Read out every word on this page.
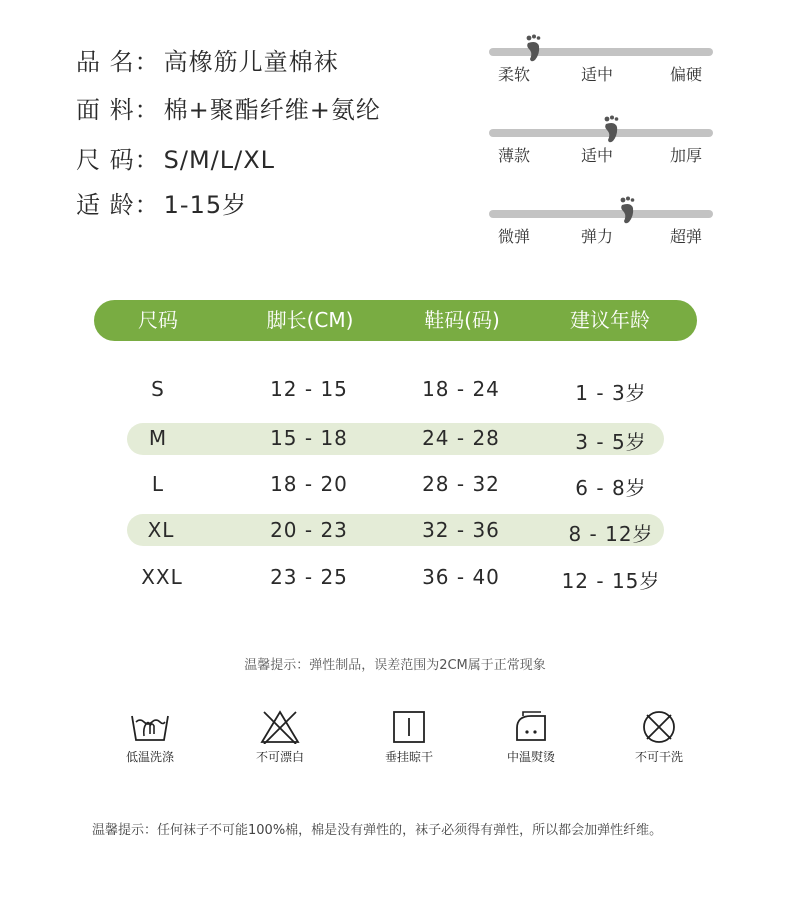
品 名： 高橡筋儿童棉袜
面 料： 棉+聚酯纤维+氨纶
尺 码： S/M/L/XL
适 龄： 1-15岁
柔软	适中	偏硬
薄款	适中	加厚
微弹	弹力	超弹
尺码	脚长(CM)	鞋码(码)	建议年龄
S	12 - 15	18 - 24	1 - 3岁
M	15 - 18	24 - 28	3 - 5岁
L	18 - 20	28 - 32	6 - 8岁
XL	20 - 23	32 - 36	8 - 12岁
XXL	23 - 25	36 - 40	12 - 15岁
温馨提示：弹性制品，误差范围为2CM属于正常现象
低温洗涤	不可漂白	垂挂晾干	中温熨烫	不可干洗
温馨提示：任何袜子不可能100%棉，棉是没有弹性的，袜子必须得有弹性，所以都会加弹性纤维。
